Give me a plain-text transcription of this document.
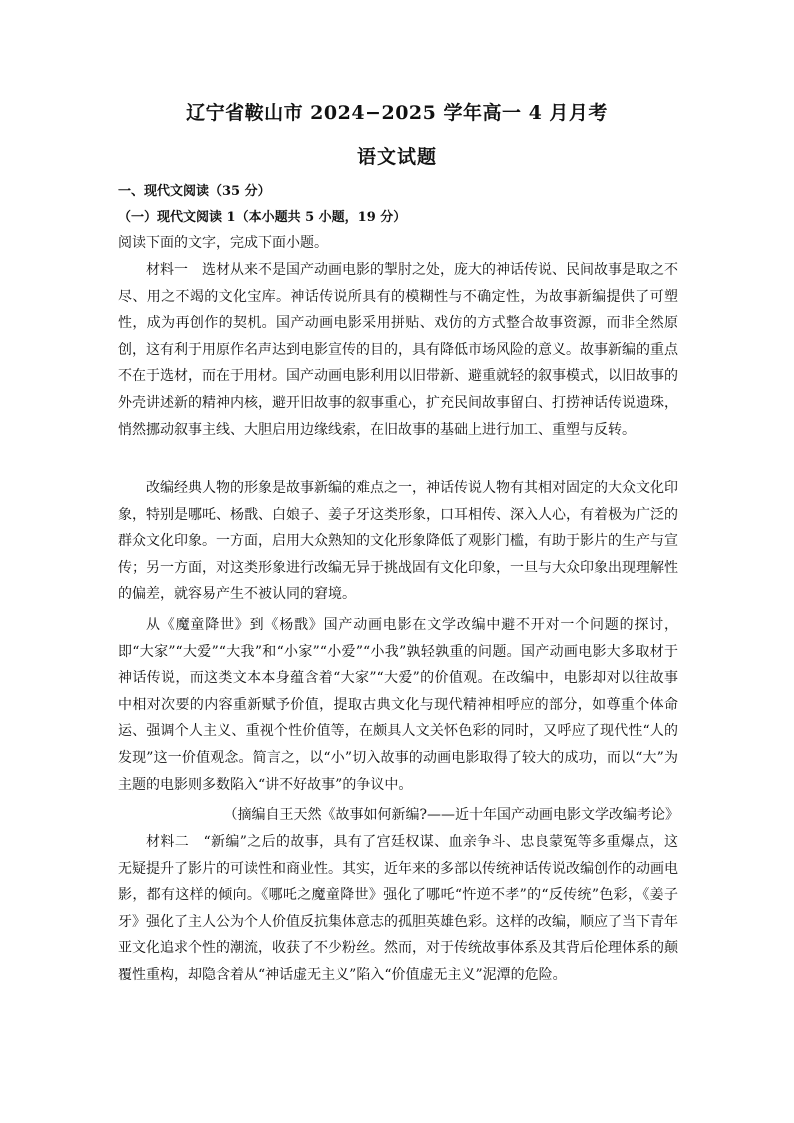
辽宁省鞍山市 2024−2025 学年高一 4 月月考
语文试题
一、现代文阅读（35 分）
（一）现代文阅读 1（本小题共 5 小题，19 分）
阅读下面的文字，完成下面小题。

材料一　选材从来不是国产动画电影的掣肘之处，庞大的神话传说、民间故事是取之不尽、用之不竭的文化宝库。神话传说所具有的模糊性与不确定性，为故事新编提供了可塑性，成为再创作的契机。国产动画电影采用拼贴、戏仿的方式整合故事资源，而非全然原创，这有利于用原作名声达到电影宣传的目的，具有降低市场风险的意义。故事新编的重点不在于选材，而在于用材。国产动画电影利用以旧带新、避重就轻的叙事模式，以旧故事的外壳讲述新的精神内核，避开旧故事的叙事重心，扩充民间故事留白、打捞神话传说遗珠，悄然挪动叙事主线、大胆启用边缘线索，在旧故事的基础上进行加工、重塑与反转。

改编经典人物的形象是故事新编的难点之一，神话传说人物有其相对固定的大众文化印象，特别是哪吒、杨戬、白娘子、姜子牙这类形象，口耳相传、深入人心，有着极为广泛的群众文化印象。一方面，启用大众熟知的文化形象降低了观影门槛，有助于影片的生产与宣传；另一方面，对这类形象进行改编无异于挑战固有文化印象，一旦与大众印象出现理解性的偏差，就容易产生不被认同的窘境。

从《魔童降世》到《杨戬》国产动画电影在文学改编中避不开对一个问题的探讨，即“大家”“大爱”“大我”和“小家”“小爱”“小我”孰轻孰重的问题。国产动画电影大多取材于神话传说，而这类文本本身蕴含着“大家”“大爱”的价值观。在改编中，电影却对以往故事中相对次要的内容重新赋予价值，提取古典文化与现代精神相呼应的部分，如尊重个体命运、强调个人主义、重视个性价值等，在颇具人文关怀色彩的同时，又呼应了现代性“人的发现”这一价值观念。简言之，以“小”切入故事的动画电影取得了较大的成功，而以“大”为主题的电影则多数陷入“讲不好故事”的争议中。

（摘编自王天然《故事如何新编?——近十年国产动画电影文学改编考论》

材料二　“新编”之后的故事，具有了宫廷权谋、血亲争斗、忠良蒙冤等多重爆点，这无疑提升了影片的可读性和商业性。其实，近年来的多部以传统神话传说改编创作的动画电影，都有这样的倾向。《哪吒之魔童降世》强化了哪吒“忤逆不孝”的“反传统”色彩，《姜子牙》强化了主人公为个人价值反抗集体意志的孤胆英雄色彩。这样的改编，顺应了当下青年亚文化追求个性的潮流，收获了不少粉丝。然而，对于传统故事体系及其背后伦理体系的颠覆性重构，却隐含着从“神话虚无主义”陷入“价值虚无主义”泥潭的危险。
